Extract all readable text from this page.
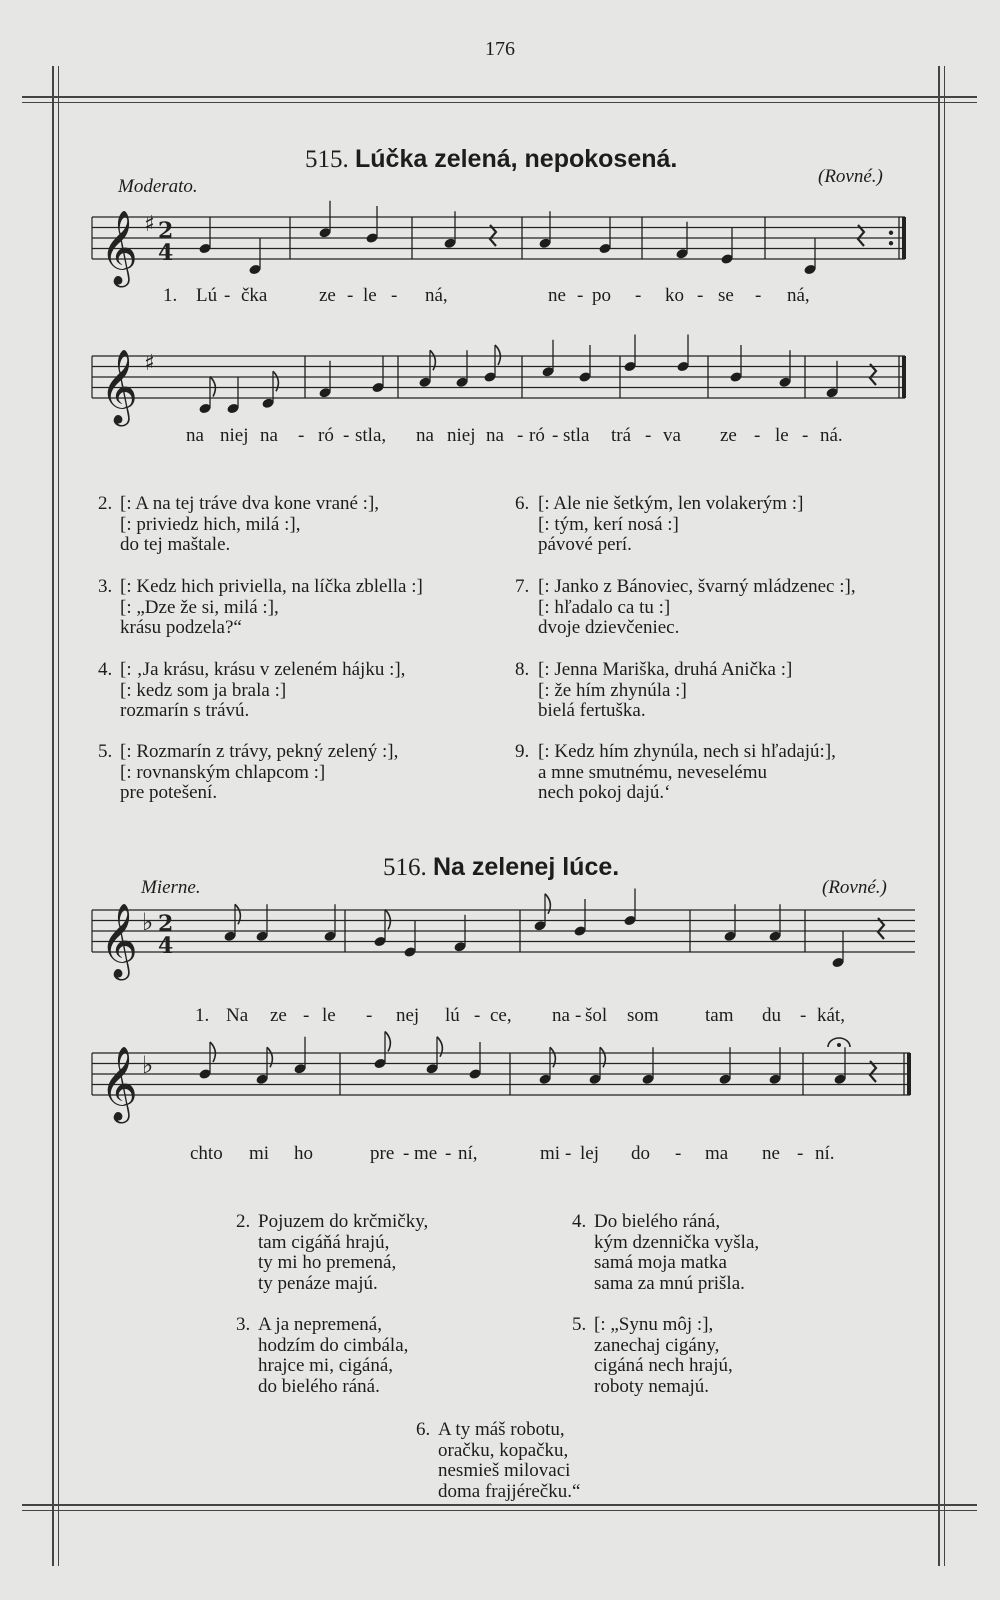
176
515. Lúčka zelená, nepokosená.
Moderato.	(Rovné.)
𝄞 ♯ 2
4
𝄞 ♯
𝄞 ♭ 2
4
𝄞 ♭
1. Lú - čka	ze - le - ná,	ne - po - ko - se - ná,
na niej na - ró - stla, na niej na - ró - stla trá - va ze - le - ná.
2. [: A na tej tráve dva kone vrané :],
[: priviedz hich, milá :],
do tej maštale.
3. [: Kedz hich priviella, na líčka zblella :]
[: „Dze že si, milá :],
krásu podzela?“
4. [: ‚Ja krásu, krásu v zeleném hájku :],
[: kedz som ja brala :]
rozmarín s trávú.
5. [: Rozmarín z trávy, pekný zelený :],
[: rovnanským chlapcom :]
pre potešení.
6. [: Ale nie šetkým, len volakerým :]
[: tým, kerí nosá :]
pávové perí.
7. [: Janko z Bánoviec, švarný mládzenec :],
[: hľadalo ca tu :]
dvoje dzievčeniec.
8. [: Jenna Mariška, druhá Anička :]
[: že hím zhynúla :]
bielá fertuška.
9. [: Kedz hím zhynúla, nech si hľadajú:],
a mne smutnému, neveselému
nech pokoj dajú.‘
516. Na zelenej lúce.
Mierne.	(Rovné.)
1. Na ze - le - nej lú - ce, na - šol som tam du - kát,
chto mi ho	pre - me - ní,	mi - lej do - ma ne - ní.
2. Pojuzem do krčmičky,
tam cigáňá hrajú,
ty mi ho premená,
ty penáze majú.
3. A ja nepremená,
hodzím do cimbála,
hrajce mi, cigáná,
do bielého ráná.
4. Do bielého ráná,
kým dzennička vyšla,
samá moja matka
sama za mnú prišla.
5. [: „Synu môj :],
zanechaj cigány,
cigáná nech hrajú,
roboty nemajú.
6. A ty máš robotu,
oračku, kopačku,
nesmieš milovaci
doma frajjérečku.“
